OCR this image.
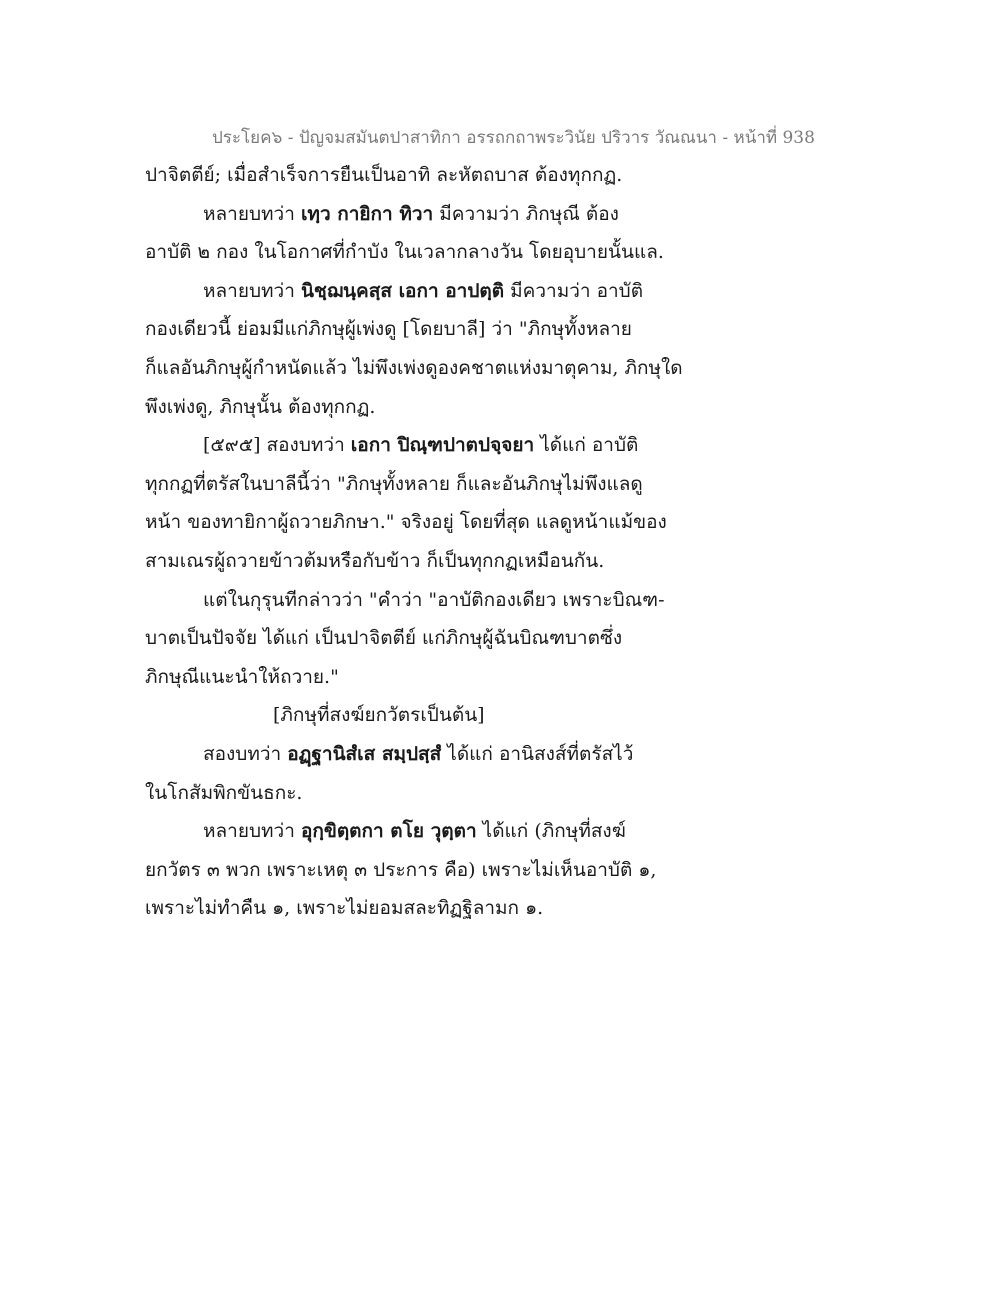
ประโยค๖ - ปัญจมสมันตปาสาทิกา อรรถกถาพระวินัย ปริวาร วัณณนา - หน้าที่ 938
ปาจิตตีย์; เมื่อสำเร็จการยืนเป็นอาทิ ละหัตถบาส ต้องทุกกฏ.
หลายบทว่า เทฺว กายิกา ทิวา มีความว่า ภิกษุณี ต้อง
อาบัติ ๒ กอง ในโอกาศที่กำบัง ในเวลากลางวัน โดยอุบายนั้นแล.
หลายบทว่า นิชฺฌนฺคสฺส เอกา อาปตฺติ มีความว่า อาบัติ
กองเดียวนี้ ย่อมมีแก่ภิกษุผู้เพ่งดู [โดยบาลี] ว่า "ภิกษุทั้งหลาย
ก็แลอันภิกษุผู้กำหนัดแล้ว ไม่พึงเพ่งดูองคชาตแห่งมาตุคาม, ภิกษุใด
พึงเพ่งดู, ภิกษุนั้น ต้องทุกกฏ.
[๕๙๕] สองบทว่า เอกา ปิณฺฑปาตปจฺจยา ได้แก่ อาบัติ
ทุกกฏที่ตรัสในบาลีนี้ว่า "ภิกษุทั้งหลาย ก็และอันภิกษุไม่พึงแลดู
หน้า ของทายิกาผู้ถวายภิกษา." จริงอยู่ โดยที่สุด แลดูหน้าแม้ของ
สามเณรผู้ถวายข้าวต้มหรือกับข้าว ก็เป็นทุกกฏเหมือนกัน.
แต่ในกุรุนทีกล่าวว่า "คำว่า "อาบัติกองเดียว เพราะบิณฑ-
บาตเป็นปัจจัย ได้แก่ เป็นปาจิตตีย์ แก่ภิกษุผู้ฉันบิณฑบาตซึ่ง
ภิกษุณีแนะนำให้ถวาย."
[ภิกษุที่สงฆ์ยกวัตรเป็นต้น]
สองบทว่า อฏฺฐานิสํเส สมฺปสฺสํ ได้แก่ อานิสงส์ที่ตรัสไว้
ในโกสัมพิกขันธกะ.
หลายบทว่า อุกฺขิตฺตกา ตโย วุตฺตา ได้แก่ (ภิกษุที่สงฆ์
ยกวัตร ๓ พวก เพราะเหตุ ๓ ประการ คือ) เพราะไม่เห็นอาบัติ ๑,
เพราะไม่ทำคืน ๑, เพราะไม่ยอมสละทิฏฐิลามก ๑.
